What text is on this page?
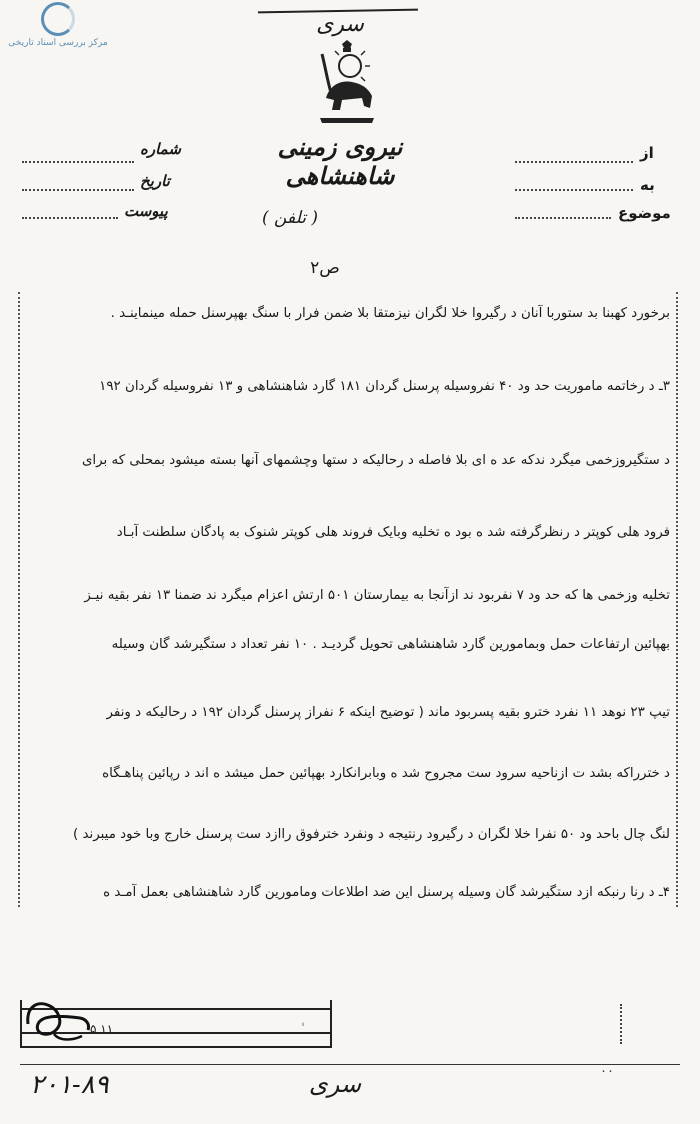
مرکز بررسی اسناد تاریخی
سری
نیروی زمینی شاهنشاهی
از
به
موضوع
شماره
تاریخ
پیوست	( تلفن )
ص۲
برخورد کهبنا بد ستوربا آنان د رگیروا خلا لگران نیزمتقا بلا ضمن فرار با سنگ بهپرسنل حمله مینماینـد .
۳ـ د رخاتمه ماموریت حد ود ۴۰ نفروسیله پرسنل گردان ۱۸۱ گارد شاهنشاهی و ۱۳ نفروسیله گردان ۱۹۲
د ستگیروزخمی میگرد ندکه عد ه ای بلا فاصله د رحالیکه د ستها وچشمهای آنها بسته میشود بمحلی که برای
فرود هلی کوپتر د رنظرگرفته شد ه بود ه تخلیه وبایک فروند هلی کوپتر شنوک به پادگان سلطنت آبـاد
تخلیه وزخمی ها که حد ود ۷ نفربود ند ازآنجا به بیمارستان ۵۰۱ ارتش اعزام میگرد ند ضمنا ۱۳ نفر بقیه نیـز
بهپائین ارتفاعات حمل وبمامورین گارد شاهنشاهی تحویل گردیـد . ۱۰ نفر تعداد د ستگیرشد گان وسیله
تیپ ۲۳ نوهد ۱۱ نفرد خترو بقیه پسربود ماند ( توضیح اینکه ۶ نفراز پرسنل گردان ۱۹۲ د رحالیکه د ونفر
د خترراکه بشد ت ازناحیه سرود ست مجروح شد ه وبابرانکارد بهپائین حمل میشد ه اند د رپائین پناهـگاه
لنگ چال باحد ود ۵۰ نفرا خلا لگران د رگیرود رنتیجه د ونفرد خترفوق راازد ست پرسنل خارج وبا خود میبرند )
۴ـ د رنا رنبکه ازد ستگیرشد گان وسیله پرسنل این ضد اطلاعات ومامورین گارد شاهنشاهی بعمل آمـد ه
۵ ۱۱
سری
۲۰۱-۸۹	۰۰
